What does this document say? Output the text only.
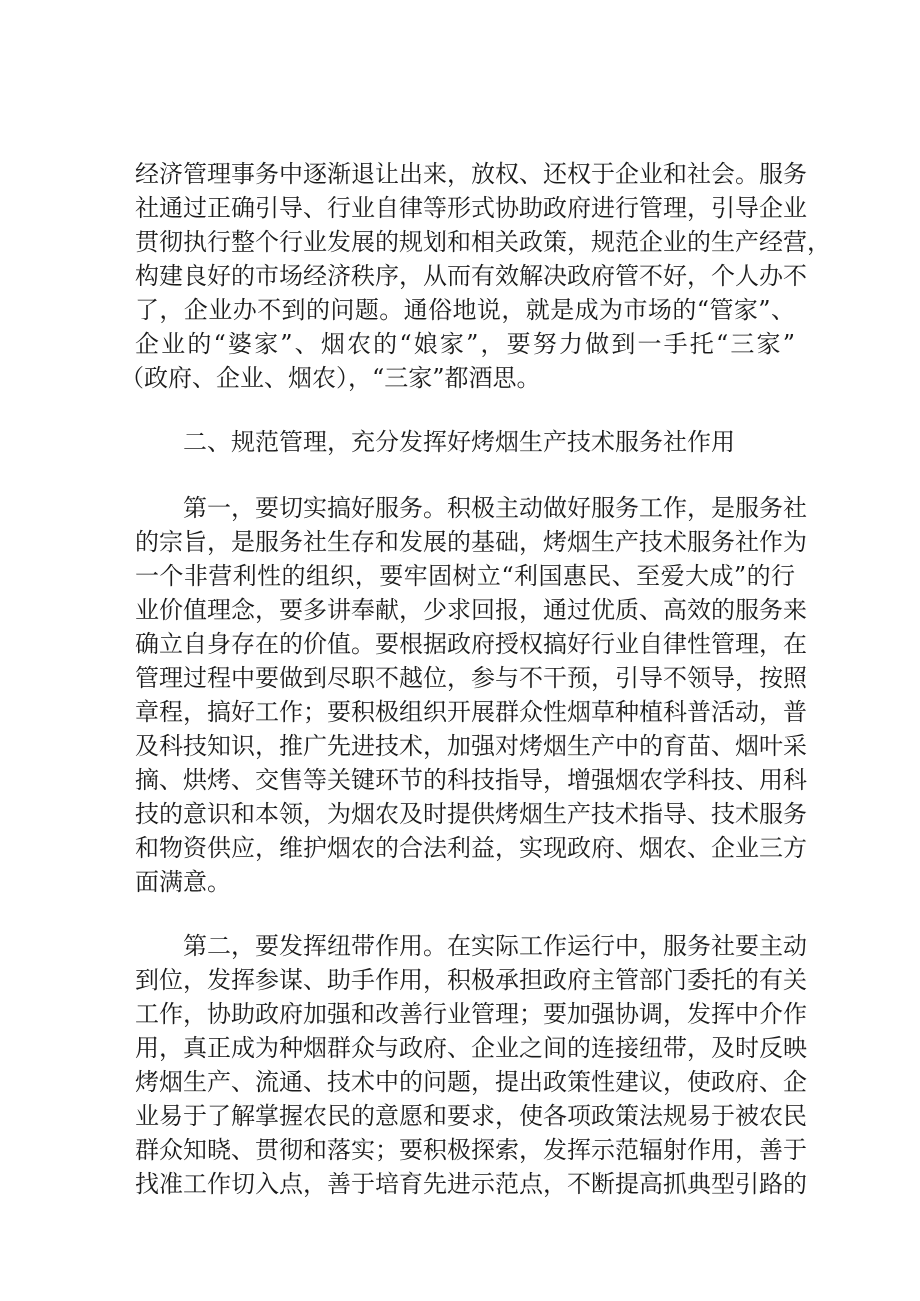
经济管理事务中逐渐退让出来，放权、还权于企业和社会。服务

社通过正确引导、行业自律等形式协助政府进行管理，引导企业

贯彻执行整个行业发展的规划和相关政策，规范企业的生产经营，

构建良好的市场经济秩序，从而有效解决政府管不好，个人办不

了，企业办不到的问题。通俗地说，就是成为市场的“管家”、

企业的“婆家”、烟农的“娘家”，要努力做到一手托“三家”

（政府、企业、烟农），“三家”都酒思。

二、规范管理，充分发挥好烤烟生产技术服务社作用

第一，要切实搞好服务。积极主动做好服务工作，是服务社

的宗旨，是服务社生存和发展的基础，烤烟生产技术服务社作为

一个非营利性的组织，要牢固树立“利国惠民、至爱大成”的行

业价值理念，要多讲奉献，少求回报，通过优质、高效的服务来

确立自身存在的价值。要根据政府授权搞好行业自律性管理，在

管理过程中要做到尽职不越位，参与不干预，引导不领导，按照

章程，搞好工作；要积极组织开展群众性烟草种植科普活动，普

及科技知识，推广先进技术，加强对烤烟生产中的育苗、烟叶采

摘、烘烤、交售等关键环节的科技指导，增强烟农学科技、用科

技的意识和本领，为烟农及时提供烤烟生产技术指导、技术服务

和物资供应，维护烟农的合法利益，实现政府、烟农、企业三方

面满意。

第二，要发挥纽带作用。在实际工作运行中，服务社要主动

到位，发挥参谋、助手作用，积极承担政府主管部门委托的有关

工作，协助政府加强和改善行业管理；要加强协调，发挥中介作

用，真正成为种烟群众与政府、企业之间的连接纽带，及时反映

烤烟生产、流通、技术中的问题，提出政策性建议，使政府、企

业易于了解掌握农民的意愿和要求，使各项政策法规易于被农民

群众知晓、贯彻和落实；要积极探索，发挥示范辐射作用，善于

找准工作切入点，善于培育先进示范点，不断提高抓典型引路的
